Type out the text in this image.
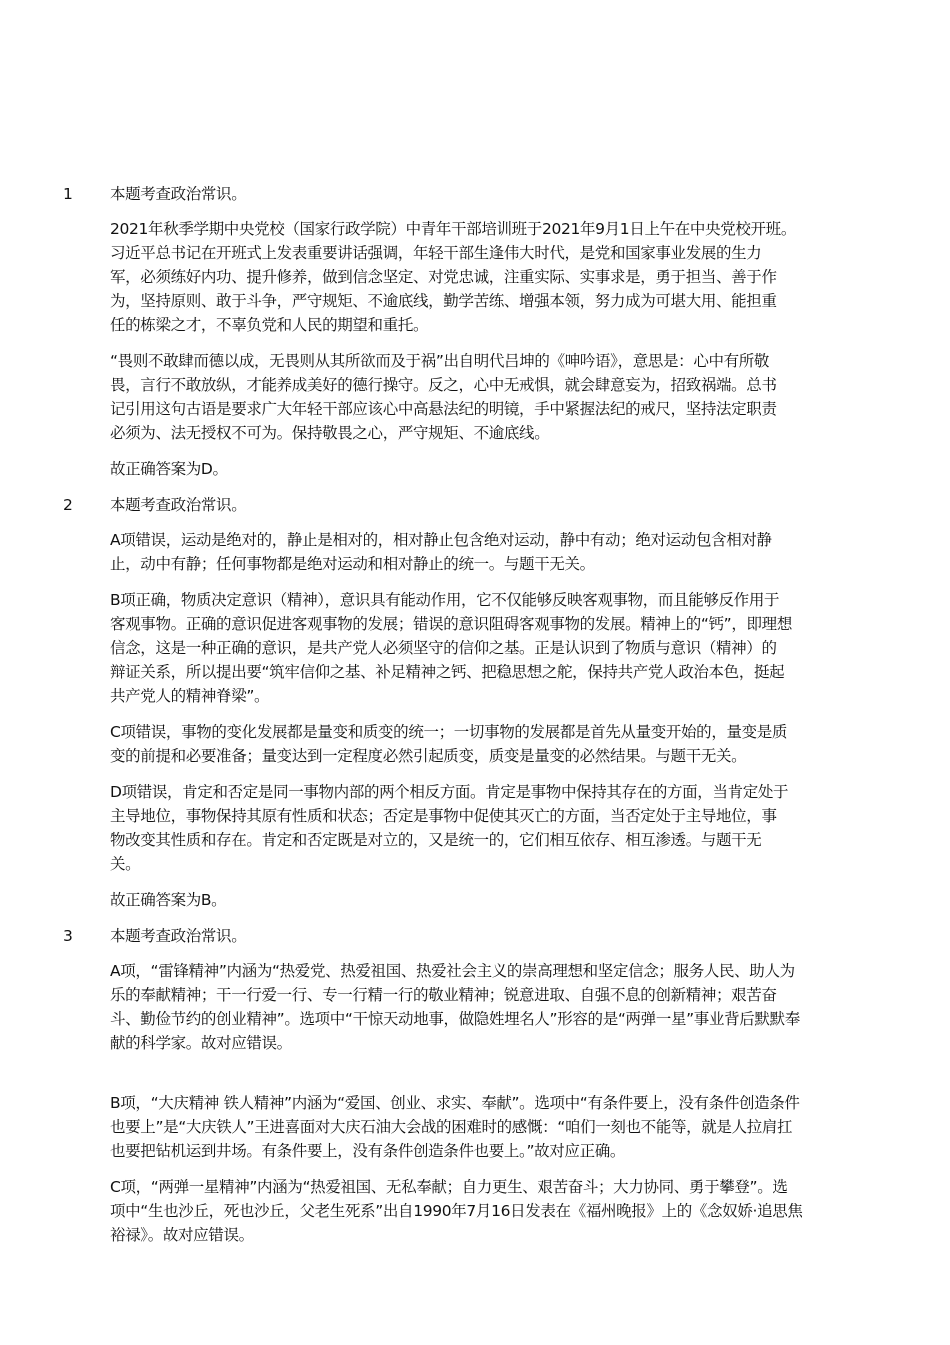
1	本题考查政治常识。
2021年秋季学期中央党校（国家行政学院）中青年干部培训班于2021年9月1日上午在中央党校开班。
习近平总书记在开班式上发表重要讲话强调，年轻干部生逢伟大时代，是党和国家事业发展的生力
军，必须练好内功、提升修养，做到信念坚定、对党忠诚，注重实际、实事求是，勇于担当、善于作
为，坚持原则、敢于斗争，严守规矩、不逾底线，勤学苦练、增强本领，努力成为可堪大用、能担重
任的栋梁之才，不辜负党和人民的期望和重托。
“畏则不敢肆而德以成，无畏则从其所欲而及于祸”出自明代吕坤的《呻吟语》，意思是：心中有所敬
畏，言行不敢放纵，才能养成美好的德行操守。反之，心中无戒惧，就会肆意妄为，招致祸端。总书
记引用这句古语是要求广大年轻干部应该心中高悬法纪的明镜，手中紧握法纪的戒尺，坚持法定职责
必须为、法无授权不可为。保持敬畏之心，严守规矩、不逾底线。
故正确答案为D。
2	本题考查政治常识。
A项错误，运动是绝对的，静止是相对的，相对静止包含绝对运动，静中有动；绝对运动包含相对静
止，动中有静；任何事物都是绝对运动和相对静止的统一。与题干无关。
B项正确，物质决定意识（精神），意识具有能动作用，它不仅能够反映客观事物，而且能够反作用于
客观事物。正确的意识促进客观事物的发展；错误的意识阻碍客观事物的发展。精神上的“钙”，即理想
信念，这是一种正确的意识，是共产党人必须坚守的信仰之基。正是认识到了物质与意识（精神）的
辩证关系，所以提出要“筑牢信仰之基、补足精神之钙、把稳思想之舵，保持共产党人政治本色，挺起
共产党人的精神脊梁”。
C项错误，事物的变化发展都是量变和质变的统一；一切事物的发展都是首先从量变开始的，量变是质
变的前提和必要准备；量变达到一定程度必然引起质变，质变是量变的必然结果。与题干无关。
D项错误，肯定和否定是同一事物内部的两个相反方面。肯定是事物中保持其存在的方面，当肯定处于
主导地位，事物保持其原有性质和状态；否定是事物中促使其灭亡的方面，当否定处于主导地位，事
物改变其性质和存在。肯定和否定既是对立的，又是统一的，它们相互依存、相互渗透。与题干无
关。
故正确答案为B。
3	本题考查政治常识。
A项，“雷锋精神”内涵为“热爱党、热爱祖国、热爱社会主义的崇高理想和坚定信念；服务人民、助人为
乐的奉献精神；干一行爱一行、专一行精一行的敬业精神；锐意进取、自强不息的创新精神；艰苦奋
斗、勤俭节约的创业精神”。选项中“干惊天动地事，做隐姓埋名人”形容的是“两弹一星”事业背后默默奉
献的科学家。故对应错误。
B项，“大庆精神 铁人精神”内涵为“爱国、创业、求实、奉献”。选项中“有条件要上，没有条件创造条件
也要上”是“大庆铁人”王进喜面对大庆石油大会战的困难时的感慨：“咱们一刻也不能等，就是人拉肩扛
也要把钻机运到井场。有条件要上，没有条件创造条件也要上。”故对应正确。
C项，“两弹一星精神”内涵为“热爱祖国、无私奉献；自力更生、艰苦奋斗；大力协同、勇于攀登”。选
项中“生也沙丘，死也沙丘，父老生死系”出自1990年7月16日发表在《福州晚报》上的《念奴娇·追思焦
裕禄》。故对应错误。
